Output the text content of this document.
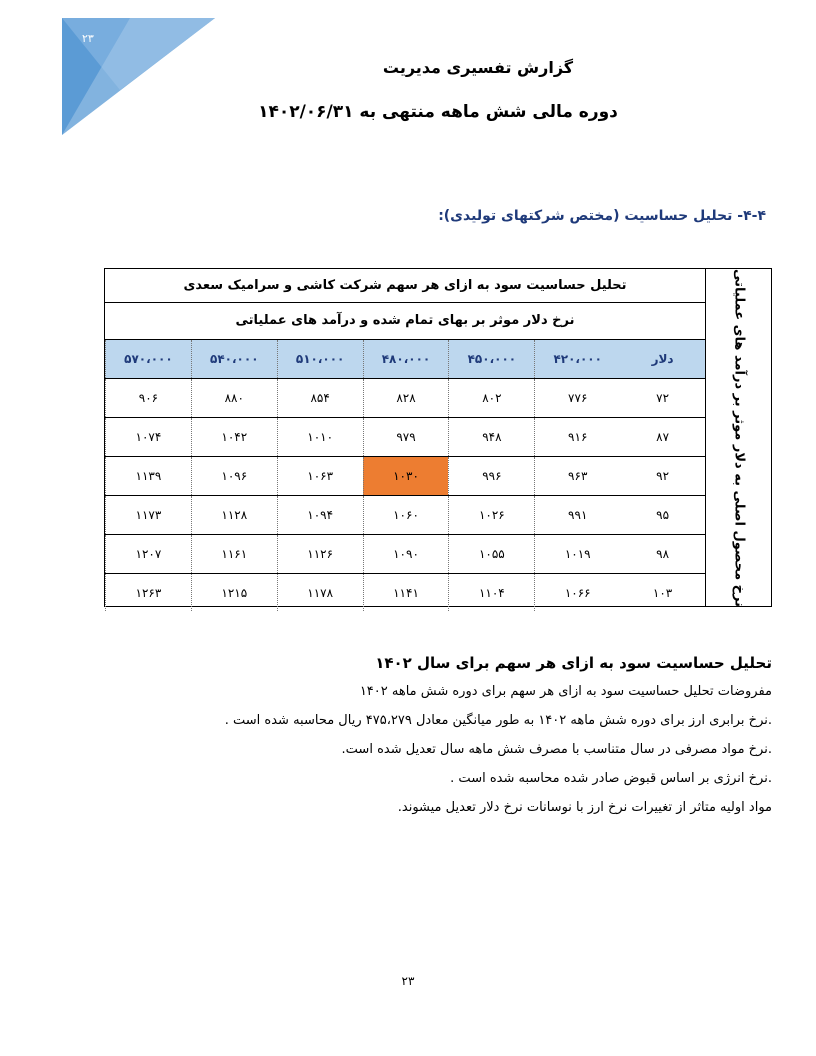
۲۳
گزارش تفسیری مدیریت
دوره مالی شش ماهه منتهی به ۱۴۰۲/۰۶/۳۱
۴-۴- تحلیل حساسیت (مختص شرکتهای تولیدی):
نرخ محصول اصلی به دلار موثر بر درآمد های عملیاتی
تحلیل حساسیت سود به ازای هر سهم شرکت کاشی و سرامیک سعدی
نرخ دلار موثر بر بهای تمام شده و درآمد های عملیاتی
دلار
۴۲۰،۰۰۰
۴۵۰،۰۰۰
۴۸۰،۰۰۰
۵۱۰،۰۰۰
۵۴۰،۰۰۰
۵۷۰،۰۰۰
۷۲
۷۷۶
۸۰۲
۸۲۸
۸۵۴
۸۸۰
۹۰۶
۸۷
۹۱۶
۹۴۸
۹۷۹
۱۰۱۰
۱۰۴۲
۱۰۷۴
۹۲
۹۶۳
۹۹۶
۱۰۳۰
۱۰۶۳
۱۰۹۶
۱۱۳۹
۹۵
۹۹۱
۱۰۲۶
۱۰۶۰
۱۰۹۴
۱۱۲۸
۱۱۷۳
۹۸
۱۰۱۹
۱۰۵۵
۱۰۹۰
۱۱۲۶
۱۱۶۱
۱۲۰۷
۱۰۳
۱۰۶۶
۱۱۰۴
۱۱۴۱
۱۱۷۸
۱۲۱۵
۱۲۶۳
تحلیل حساسیت سود به ازای هر سهم برای سال ۱۴۰۲
مفروضات تحلیل حساسیت سود به ازای هر سهم برای دوره شش ماهه ۱۴۰۲
.نرخ برابری ارز برای دوره شش ماهه ۱۴۰۲ به طور میانگین معادل ۴۷۵،۲۷۹ ریال محاسبه شده است .
.نرخ مواد مصرفی در سال متناسب با مصرف شش ماهه سال تعدیل شده است.
.نرخ انرژی بر اساس قبوض صادر شده محاسبه شده است .
مواد اولیه متاثر از تغییرات نرخ ارز با نوسانات نرخ دلار تعدیل میشوند.
۲۳
